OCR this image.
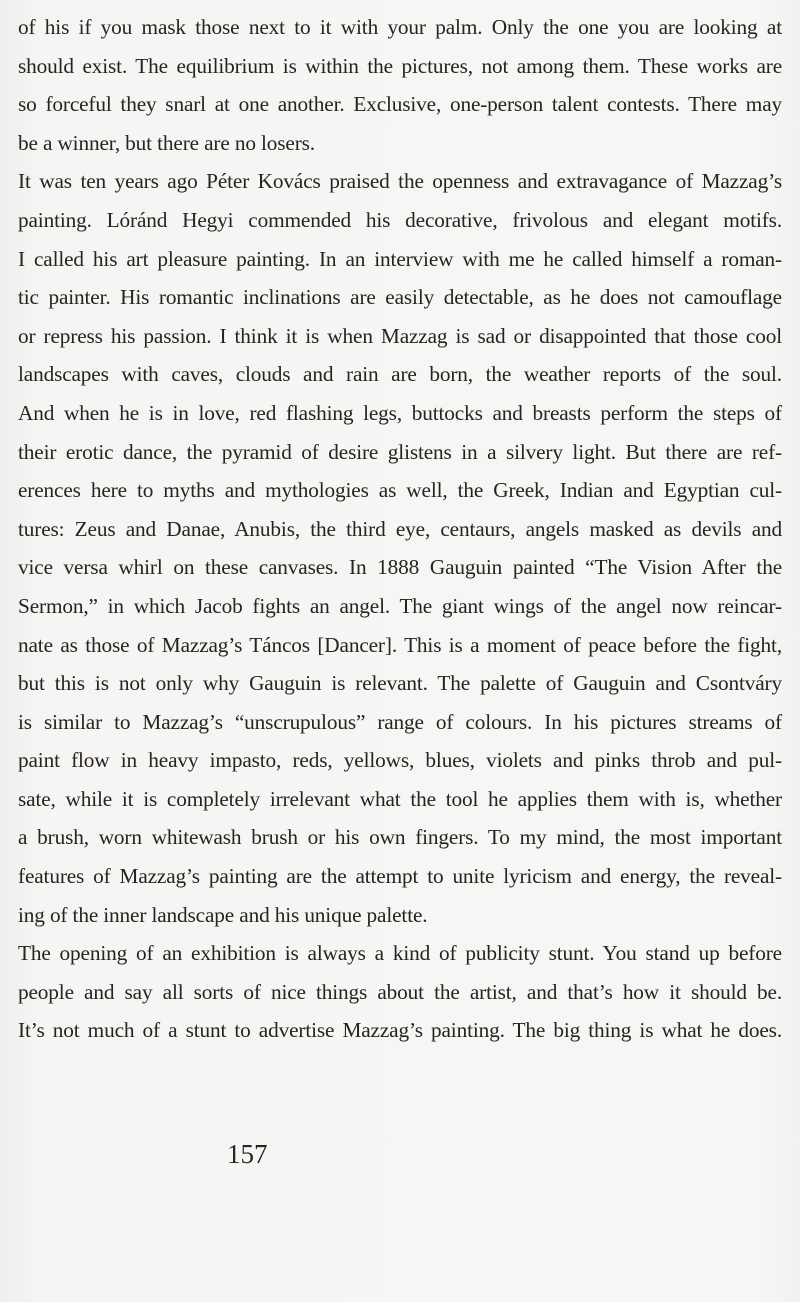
of his if you mask those next to it with your palm. Only the one you are looking at
should exist. The equilibrium is within the pictures, not among them. These works are
so forceful they snarl at one another. Exclusive, one-person talent contests. There may
be a winner, but there are no losers.
It was ten years ago Péter Kovács praised the openness and extravagance of Mazzag’s
painting. Lóránd Hegyi commended his decorative, frivolous and elegant motifs.
I called his art pleasure painting. In an interview with me he called himself a roman-
tic painter. His romantic inclinations are easily detectable, as he does not camouflage
or repress his passion. I think it is when Mazzag is sad or disappointed that those cool
landscapes with caves, clouds and rain are born, the weather reports of the soul.
And when he is in love, red flashing legs, buttocks and breasts perform the steps of
their erotic dance, the pyramid of desire glistens in a silvery light. But there are ref-
erences here to myths and mythologies as well, the Greek, Indian and Egyptian cul-
tures: Zeus and Danae, Anubis, the third eye, centaurs, angels masked as devils and
vice versa whirl on these canvases. In 1888 Gauguin painted “The Vision After the
Sermon,” in which Jacob fights an angel. The giant wings of the angel now reincar-
nate as those of Mazzag’s Táncos [Dancer]. This is a moment of peace before the fight,
but this is not only why Gauguin is relevant. The palette of Gauguin and Csontváry
is similar to Mazzag’s “unscrupulous” range of colours. In his pictures streams of
paint flow in heavy impasto, reds, yellows, blues, violets and pinks throb and pul-
sate, while it is completely irrelevant what the tool he applies them with is, whether
a brush, worn whitewash brush or his own fingers. To my mind, the most important
features of Mazzag’s painting are the attempt to unite lyricism and energy, the reveal-
ing of the inner landscape and his unique palette.
The opening of an exhibition is always a kind of publicity stunt. You stand up before
people and say all sorts of nice things about the artist, and that’s how it should be.
It’s not much of a stunt to advertise Mazzag’s painting. The big thing is what he does.
157
